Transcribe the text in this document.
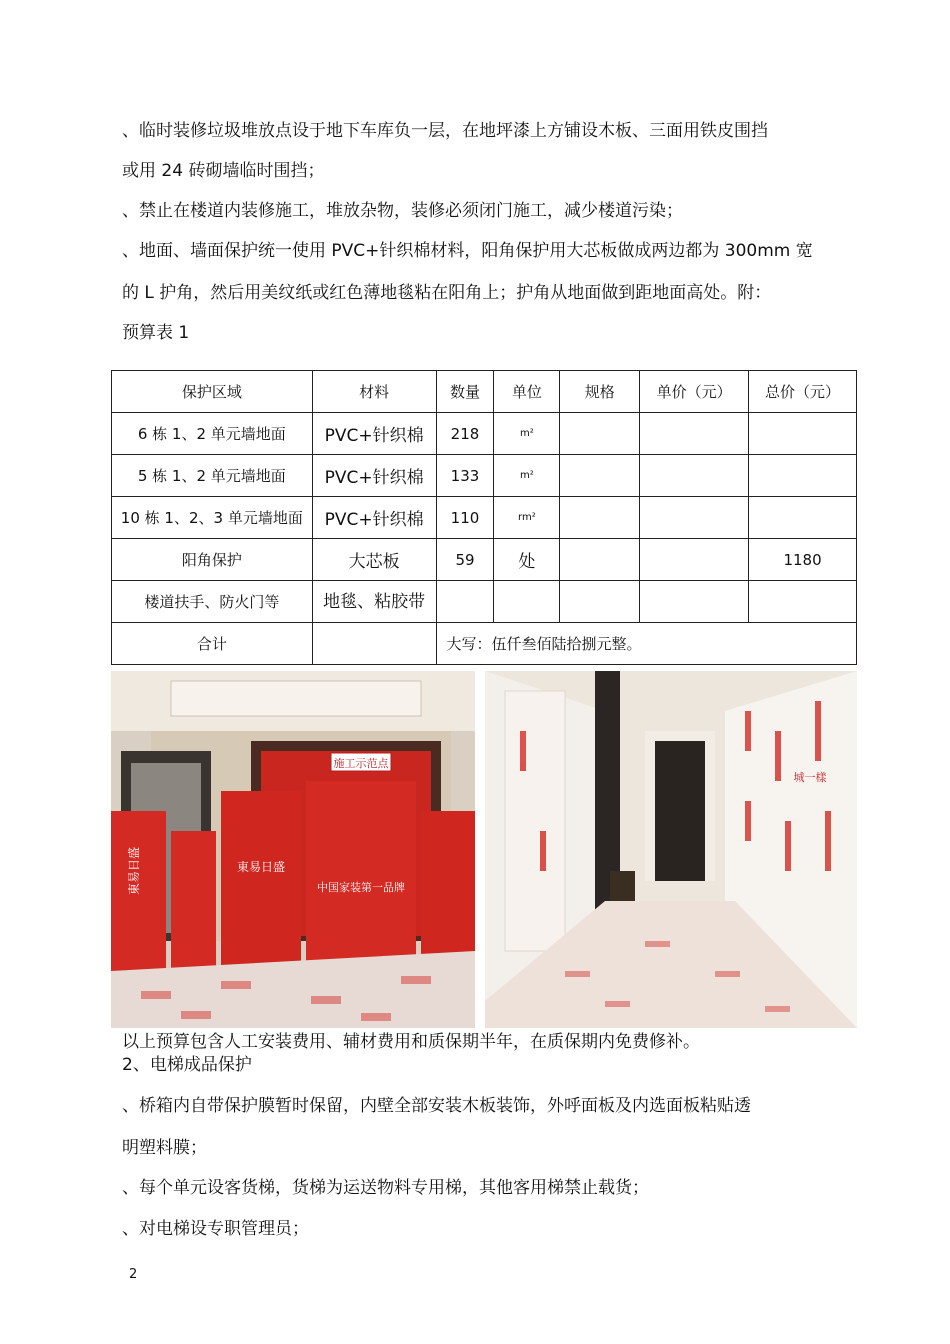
、临时装修垃圾堆放点设于地下车库负一层，在地坪漆上方铺设木板、三面用铁皮围挡
或用 24 砖砌墙临时围挡；
、禁止在楼道内装修施工，堆放杂物，装修必须闭门施工，减少楼道污染；
、地面、墙面保护统一使用 PVC+针织棉材料，阳角保护用大芯板做成两边都为 300mm 宽
的 L 护角，然后用美纹纸或红色薄地毯粘在阳角上；护角从地面做到距地面高处。附：
预算表 1
保护区域	材料	数量	单位	规格	单价（元）	总价（元）
6 栋 1、2 单元墙地面	PVC+针织棉	218	m²			
5 栋 1、2 单元墙地面	PVC+针织棉	133	m²			
10 栋 1、2、3 单元墙地面	PVC+针织棉	110	rm²			
阳角保护	大芯板	59	处			1180
楼道扶手、防火门等	地毯、粘胶带					
合计		大写：伍仟叁佰陆拾捌元整。				
施工示范点
東易日盛	東易日盛
中国家装第一品牌
城一樣
以上预算包含人工安装费用、辅材费用和质保期半年，在质保期内免费修补。
2、电梯成品保护
、桥箱内自带保护膜暂时保留，内壁全部安装木板装饰，外呼面板及内选面板粘贴透
明塑料膜；
、每个单元设客货梯，货梯为运送物料专用梯，其他客用梯禁止载货；
、对电梯设专职管理员；
2
